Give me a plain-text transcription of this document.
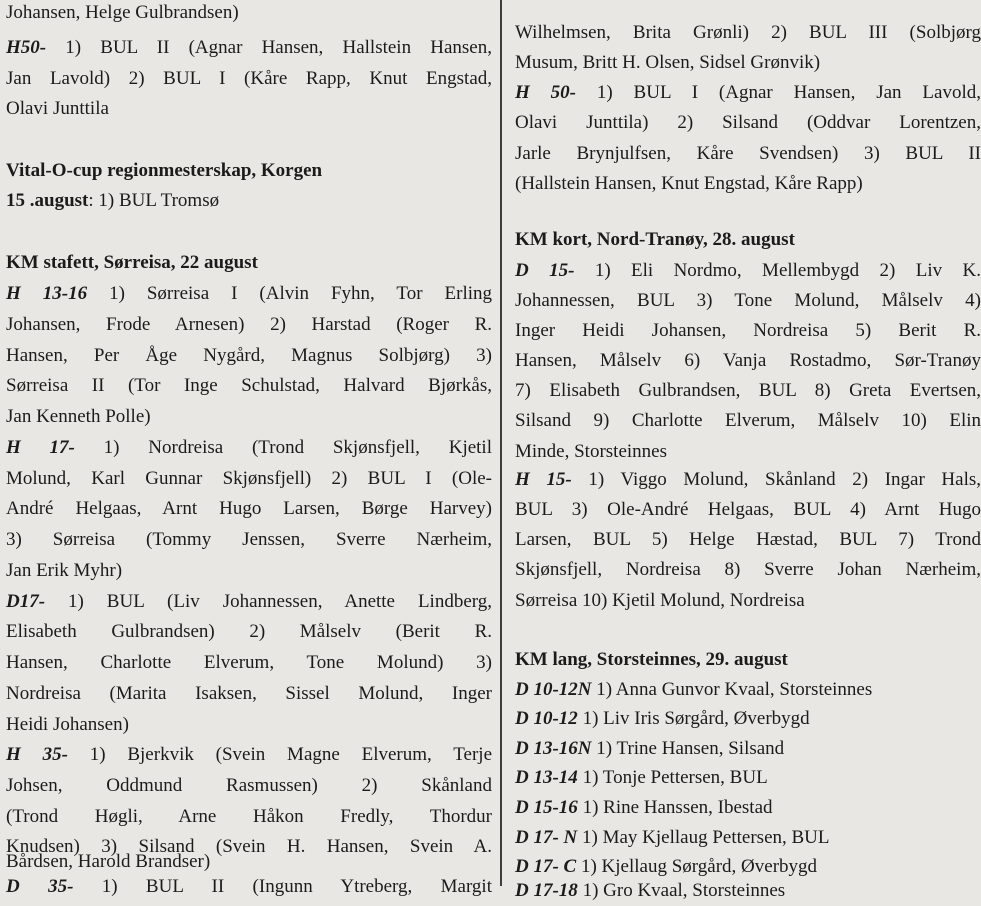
Johansen, Helge Gulbrandsen)
H50- 1) BUL II (Agnar Hansen, Hallstein Hansen,
Jan Lavold) 2) BUL I (Kåre Rapp, Knut Engstad,
Olavi Junttila
Vital-O-cup regionmesterskap, Korgen
15 .august: 1) BUL Tromsø
KM stafett, Sørreisa, 22 august
H 13-16 1) Sørreisa I (Alvin Fyhn, Tor Erling
Johansen, Frode Arnesen) 2) Harstad (Roger R.
Hansen, Per Åge Nygård, Magnus Solbjørg) 3)
Sørreisa II (Tor Inge Schulstad, Halvard Bjørkås,
Jan Kenneth Polle)
H 17- 1) Nordreisa (Trond Skjønsfjell, Kjetil
Molund, Karl Gunnar Skjønsfjell) 2) BUL I (Ole-
André Helgaas, Arnt Hugo Larsen, Børge Harvey)
3) Sørreisa (Tommy Jenssen, Sverre Nærheim,
Jan Erik Myhr)
D17- 1) BUL (Liv Johannessen, Anette Lindberg,
Elisabeth Gulbrandsen) 2) Målselv (Berit R.
Hansen, Charlotte Elverum, Tone Molund) 3)
Nordreisa (Marita Isaksen, Sissel Molund, Inger
Heidi Johansen)
H 35- 1) Bjerkvik (Svein Magne Elverum, Terje
Johsen, Oddmund Rasmussen) 2) Skånland
(Trond Høgli, Arne Håkon Fredly, Thordur
Knudsen) 3) Silsand (Svein H. Hansen, Svein A.
Bårdsen, Harold Brandser)
D 35- 1) BUL II (Ingunn Ytreberg, Margit
Wilhelmsen, Brita Grønli) 2) BUL III (Solbjørg
Musum, Britt H. Olsen, Sidsel Grønvik)
H 50- 1) BUL I (Agnar Hansen, Jan Lavold,
Olavi Junttila) 2) Silsand (Oddvar Lorentzen,
Jarle Brynjulfsen, Kåre Svendsen) 3) BUL II
(Hallstein Hansen, Knut Engstad, Kåre Rapp)
KM kort, Nord-Tranøy, 28. august
D 15- 1) Eli Nordmo, Mellembygd 2) Liv K.
Johannessen, BUL 3) Tone Molund, Målselv 4)
Inger Heidi Johansen, Nordreisa 5) Berit R.
Hansen, Målselv 6) Vanja Rostadmo, Sør-Tranøy
7) Elisabeth Gulbrandsen, BUL 8) Greta Evertsen,
Silsand 9) Charlotte Elverum, Målselv 10) Elin
Minde, Storsteinnes
H 15- 1) Viggo Molund, Skånland 2) Ingar Hals,
BUL 3) Ole-André Helgaas, BUL 4) Arnt Hugo
Larsen, BUL 5) Helge Hæstad, BUL 7) Trond
Skjønsfjell, Nordreisa 8) Sverre Johan Nærheim,
Sørreisa 10) Kjetil Molund, Nordreisa
KM lang, Storsteinnes, 29. august
D 10-12N 1) Anna Gunvor Kvaal, Storsteinnes
D 10-12 1) Liv Iris Sørgård, Øverbygd
D 13-16N 1) Trine Hansen, Silsand
D 13-14 1) Tonje Pettersen, BUL
D 15-16 1) Rine Hanssen, Ibestad
D 17- N 1) May Kjellaug Pettersen, BUL
D 17- C 1) Kjellaug Sørgård, Øverbygd
D 17-18 1) Gro Kvaal, Storsteinnes
